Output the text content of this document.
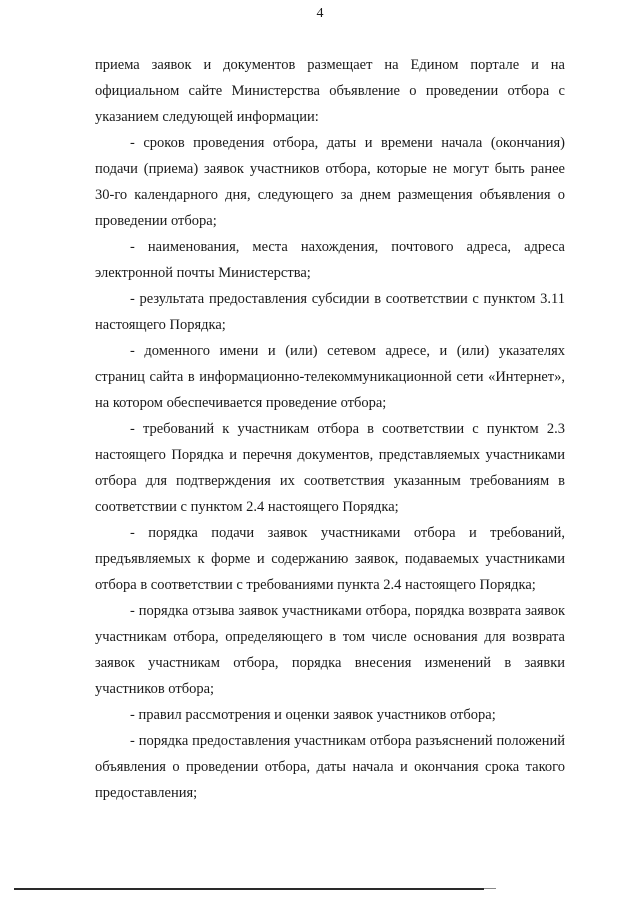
4

приема заявок и документов размещает на Едином портале и на официальном сайте Министерства объявление о проведении отбора с указанием следующей информации:

- сроков проведения отбора, даты и времени начала (окончания) подачи (приема) заявок участников отбора, которые не могут быть ранее 30-го календарного дня, следующего за днем размещения объявления о проведении отбора;

- наименования, места нахождения, почтового адреса, адреса электронной почты Министерства;

- результата предоставления субсидии в соответствии с пунктом 3.11 настоящего Порядка;

- доменного имени и (или) сетевом адресе, и (или) указателях страниц сайта в информационно-телекоммуникационной сети «Интернет», на котором обеспечивается проведение отбора;

- требований к участникам отбора в соответствии с пунктом 2.3 настоящего Порядка и перечня документов, представляемых участниками отбора для подтверждения их соответствия указанным требованиям в соответствии с пунктом 2.4 настоящего Порядка;

- порядка подачи заявок участниками отбора и требований, предъявляемых к форме и содержанию заявок, подаваемых участниками отбора в соответствии с требованиями пункта 2.4 настоящего Порядка;

- порядка отзыва заявок участниками отбора, порядка возврата заявок участникам отбора, определяющего в том числе основания для возврата заявок участникам отбора, порядка внесения изменений в заявки участников отбора;

- правил рассмотрения и оценки заявок участников отбора;

- порядка предоставления участникам отбора разъяснений положений объявления о проведении отбора, даты начала и окончания срока такого предоставления;
